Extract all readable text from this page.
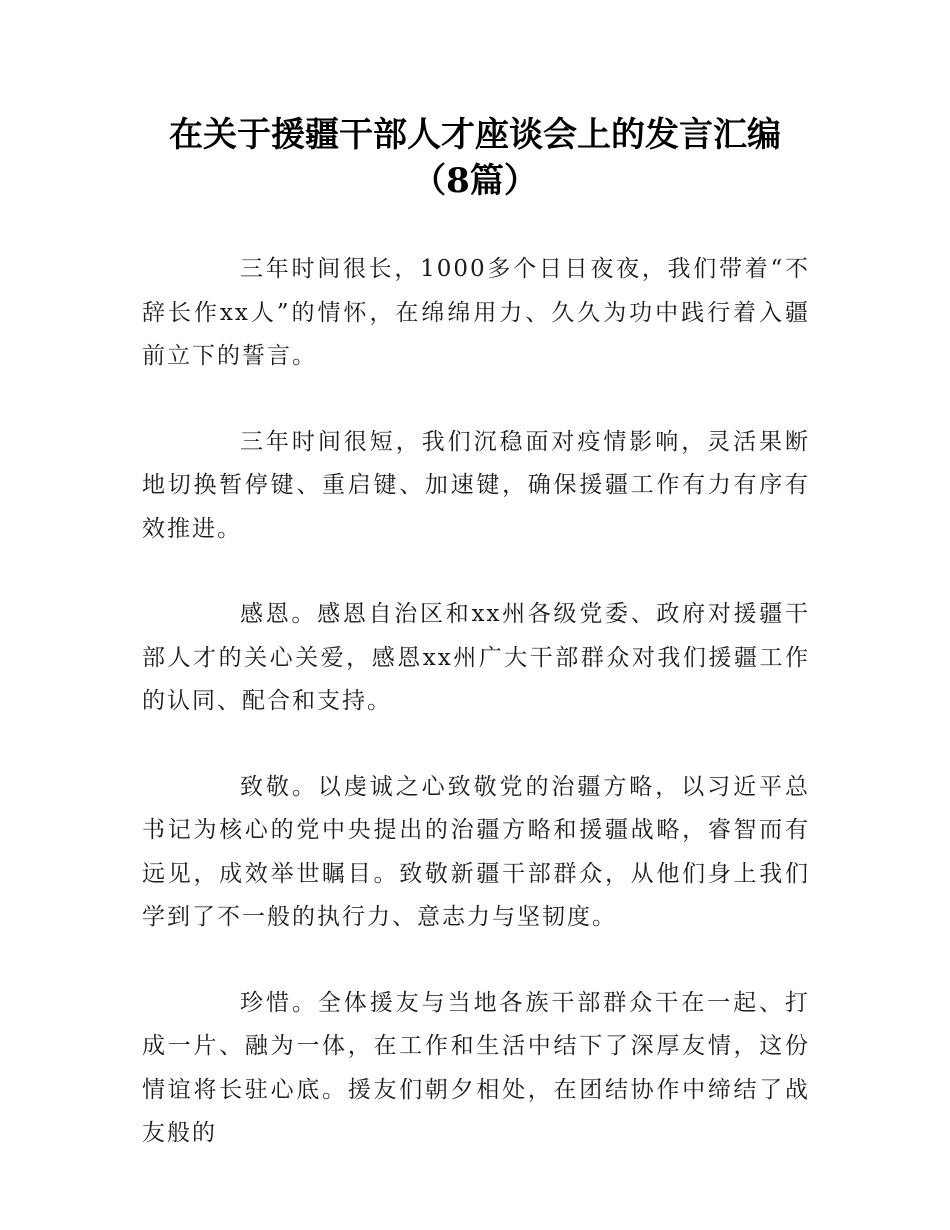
在关于援疆干部人才座谈会上的发言汇编
（8篇）

三年时间很长，1000多个日日夜夜，我们带着“不辞长作xx人”的情怀，在绵绵用力、久久为功中践行着入疆前立下的誓言。

三年时间很短，我们沉稳面对疫情影响，灵活果断地切换暂停键、重启键、加速键，确保援疆工作有力有序有效推进。

感恩。感恩自治区和xx州各级党委、政府对援疆干部人才的关心关爱，感恩xx州广大干部群众对我们援疆工作的认同、配合和支持。

致敬。以虔诚之心致敬党的治疆方略，以习近平总书记为核心的党中央提出的治疆方略和援疆战略，睿智而有远见，成效举世瞩目。致敬新疆干部群众，从他们身上我们学到了不一般的执行力、意志力与坚韧度。

珍惜。全体援友与当地各族干部群众干在一起、打成一片、融为一体，在工作和生活中结下了深厚友情，这份情谊将长驻心底。援友们朝夕相处，在团结协作中缔结了战友般的
